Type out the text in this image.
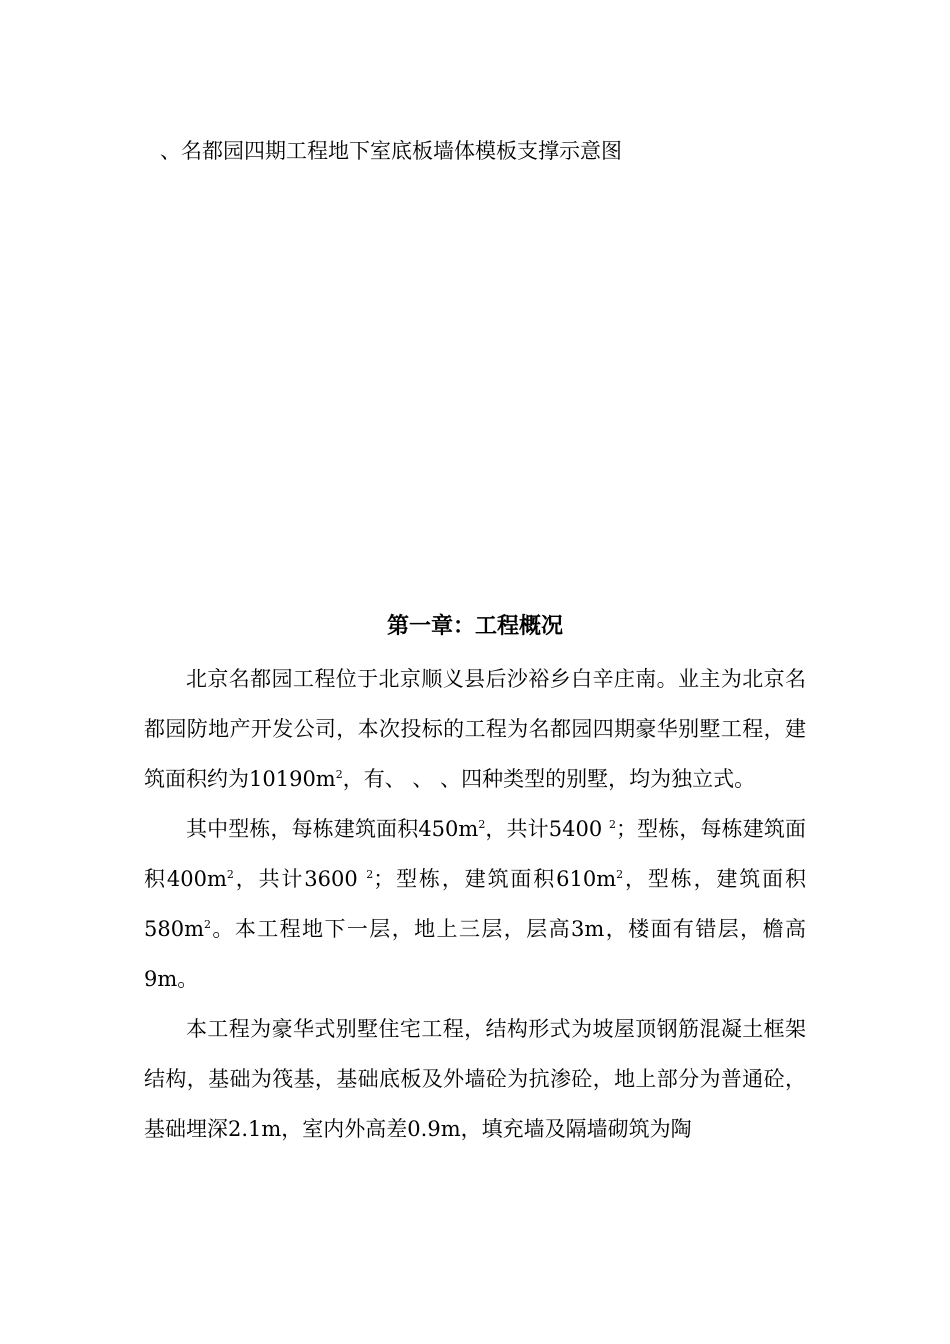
、名都园四期工程地下室底板墙体模板支撑示意图
第一章：工程概况

北京名都园工程位于北京顺义县后沙裕乡白辛庄南。业主为北京名都园防地产开发公司，本次投标的工程为名都园四期豪华别墅工程，建筑面积约为$10190m^2$，有、 、 、四种类型的别墅，均为独立式。

其中型栋，每栋建筑面积$450m^2$，共计5400 $^2$；型栋，每栋建筑面积$400m^2$，共计3600 $^2$；型栋，建筑面积$610m^2$，型栋，建筑面积$580m^2$。本工程地下一层，地上三层，层高3m，楼面有错层，檐高9m。

本工程为豪华式别墅住宅工程，结构形式为坡屋顶钢筋混凝土框架结构，基础为筏基，基础底板及外墙砼为抗渗砼，地上部分为普通砼，基础埋深2.1m，室内外高差0.9m，填充墙及隔墙砌筑为陶
